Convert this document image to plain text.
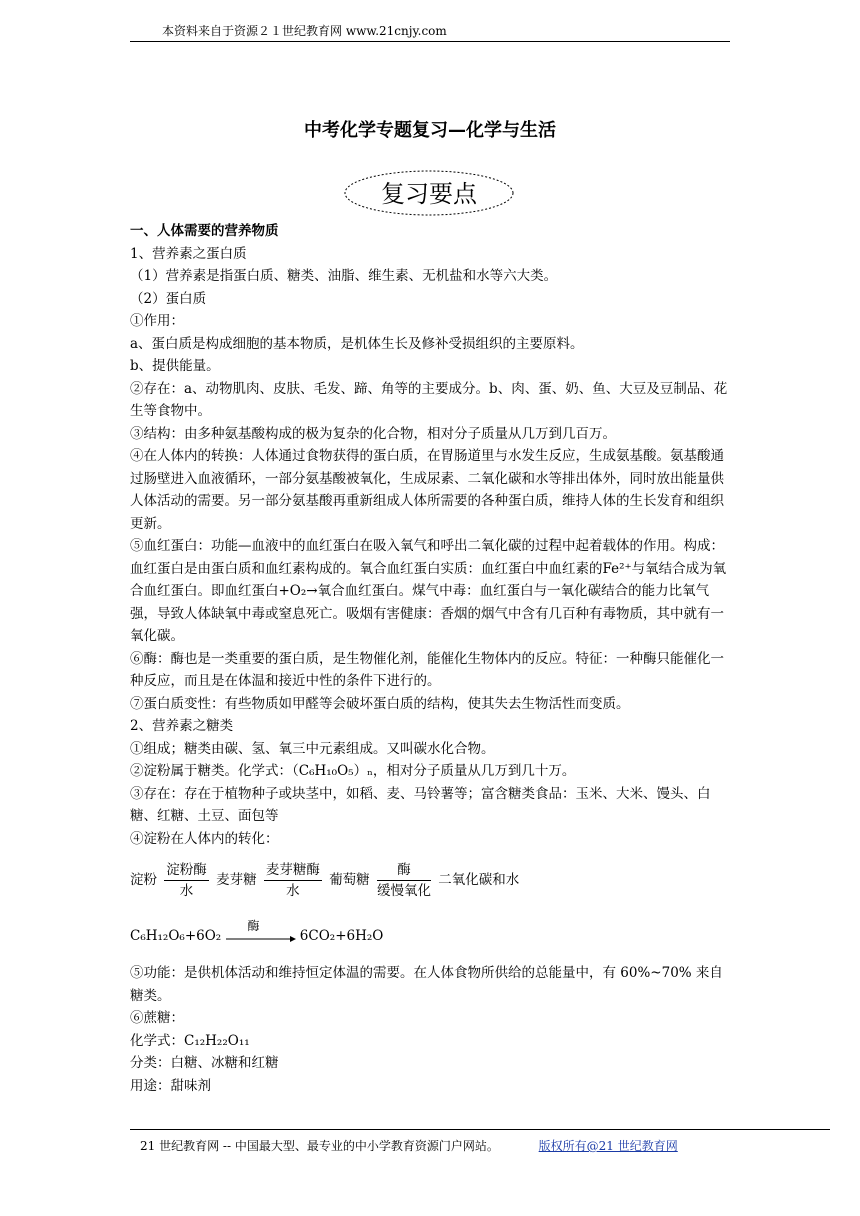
本资料来自于资源２１世纪教育网 www.21cnjy.com
中考化学专题复习—化学与生活
复习要点

一、人体需要的营养物质

1、营养素之蛋白质

（1）营养素是指蛋白质、糖类、油脂、维生素、无机盐和水等六大类。

（2）蛋白质

①作用：

a、蛋白质是构成细胞的基本物质，是机体生长及修补受损组织的主要原料。

b、提供能量。

②存在：a、动物肌肉、皮肤、毛发、蹄、角等的主要成分。b、肉、蛋、奶、鱼、大豆及豆制品、花生等食物中。

③结构：由多种氨基酸构成的极为复杂的化合物，相对分子质量从几万到几百万。

④在人体内的转换：人体通过食物获得的蛋白质，在胃肠道里与水发生反应，生成氨基酸。氨基酸通过肠壁进入血液循环，一部分氨基酸被氧化，生成尿素、二氧化碳和水等排出体外，同时放出能量供人体活动的需要。另一部分氨基酸再重新组成人体所需要的各种蛋白质，维持人体的生长发育和组织更新。

⑤血红蛋白：功能—血液中的血红蛋白在吸入氧气和呼出二氧化碳的过程中起着载体的作用。构成：血红蛋白是由蛋白质和血红素构成的。氧合血红蛋白实质：血红蛋白中血红素的Fe²⁺与氧结合成为氧合血红蛋白。即血红蛋白+O₂→氧合血红蛋白。煤气中毒：血红蛋白与一氧化碳结合的能力比氧气强，导致人体缺氧中毒或窒息死亡。吸烟有害健康：香烟的烟气中含有几百种有毒物质，其中就有一氧化碳。

⑥酶：酶也是一类重要的蛋白质，是生物催化剂，能催化生物体内的反应。特征：一种酶只能催化一种反应，而且是在体温和接近中性的条件下进行的。

⑦蛋白质变性：有些物质如甲醛等会破坏蛋白质的结构，使其失去生物活性而变质。

2、营养素之糖类

①组成；糖类由碳、氢、氧三中元素组成。又叫碳水化合物。

②淀粉属于糖类。化学式：（C₆H₁₀O₅）ₙ，相对分子质量从几万到几十万。

③存在：存在于植物种子或块茎中，如稻、麦、马铃薯等；富含糖类食品：玉米、大米、馒头、白糖、红糖、土豆、面包等

④淀粉在人体内的转化：

淀粉 $\frac{\text{淀粉酶}}{\text{水}}$ 麦芽糖 $\frac{\text{麦芽糖酶}}{\text{水}}$ 葡萄糖 $\frac{\text{酶}}{\text{缓慢氧化}}$ 二氧化碳和水
C₆H₁₂O₆+6O₂
酶
6CO₂+6H₂O

⑤功能：是供机体活动和维持恒定体温的需要。在人体食物所供给的总能量中，有 60%~70% 来自糖类。

⑥蔗糖：

化学式：C₁₂H₂₂O₁₁

分类：白糖、冰糖和红糖

用途：甜味剂

21 世纪教育网 -- 中国最大型、最专业的中小学教育资源门户网站。	版权所有@21 世纪教育网
